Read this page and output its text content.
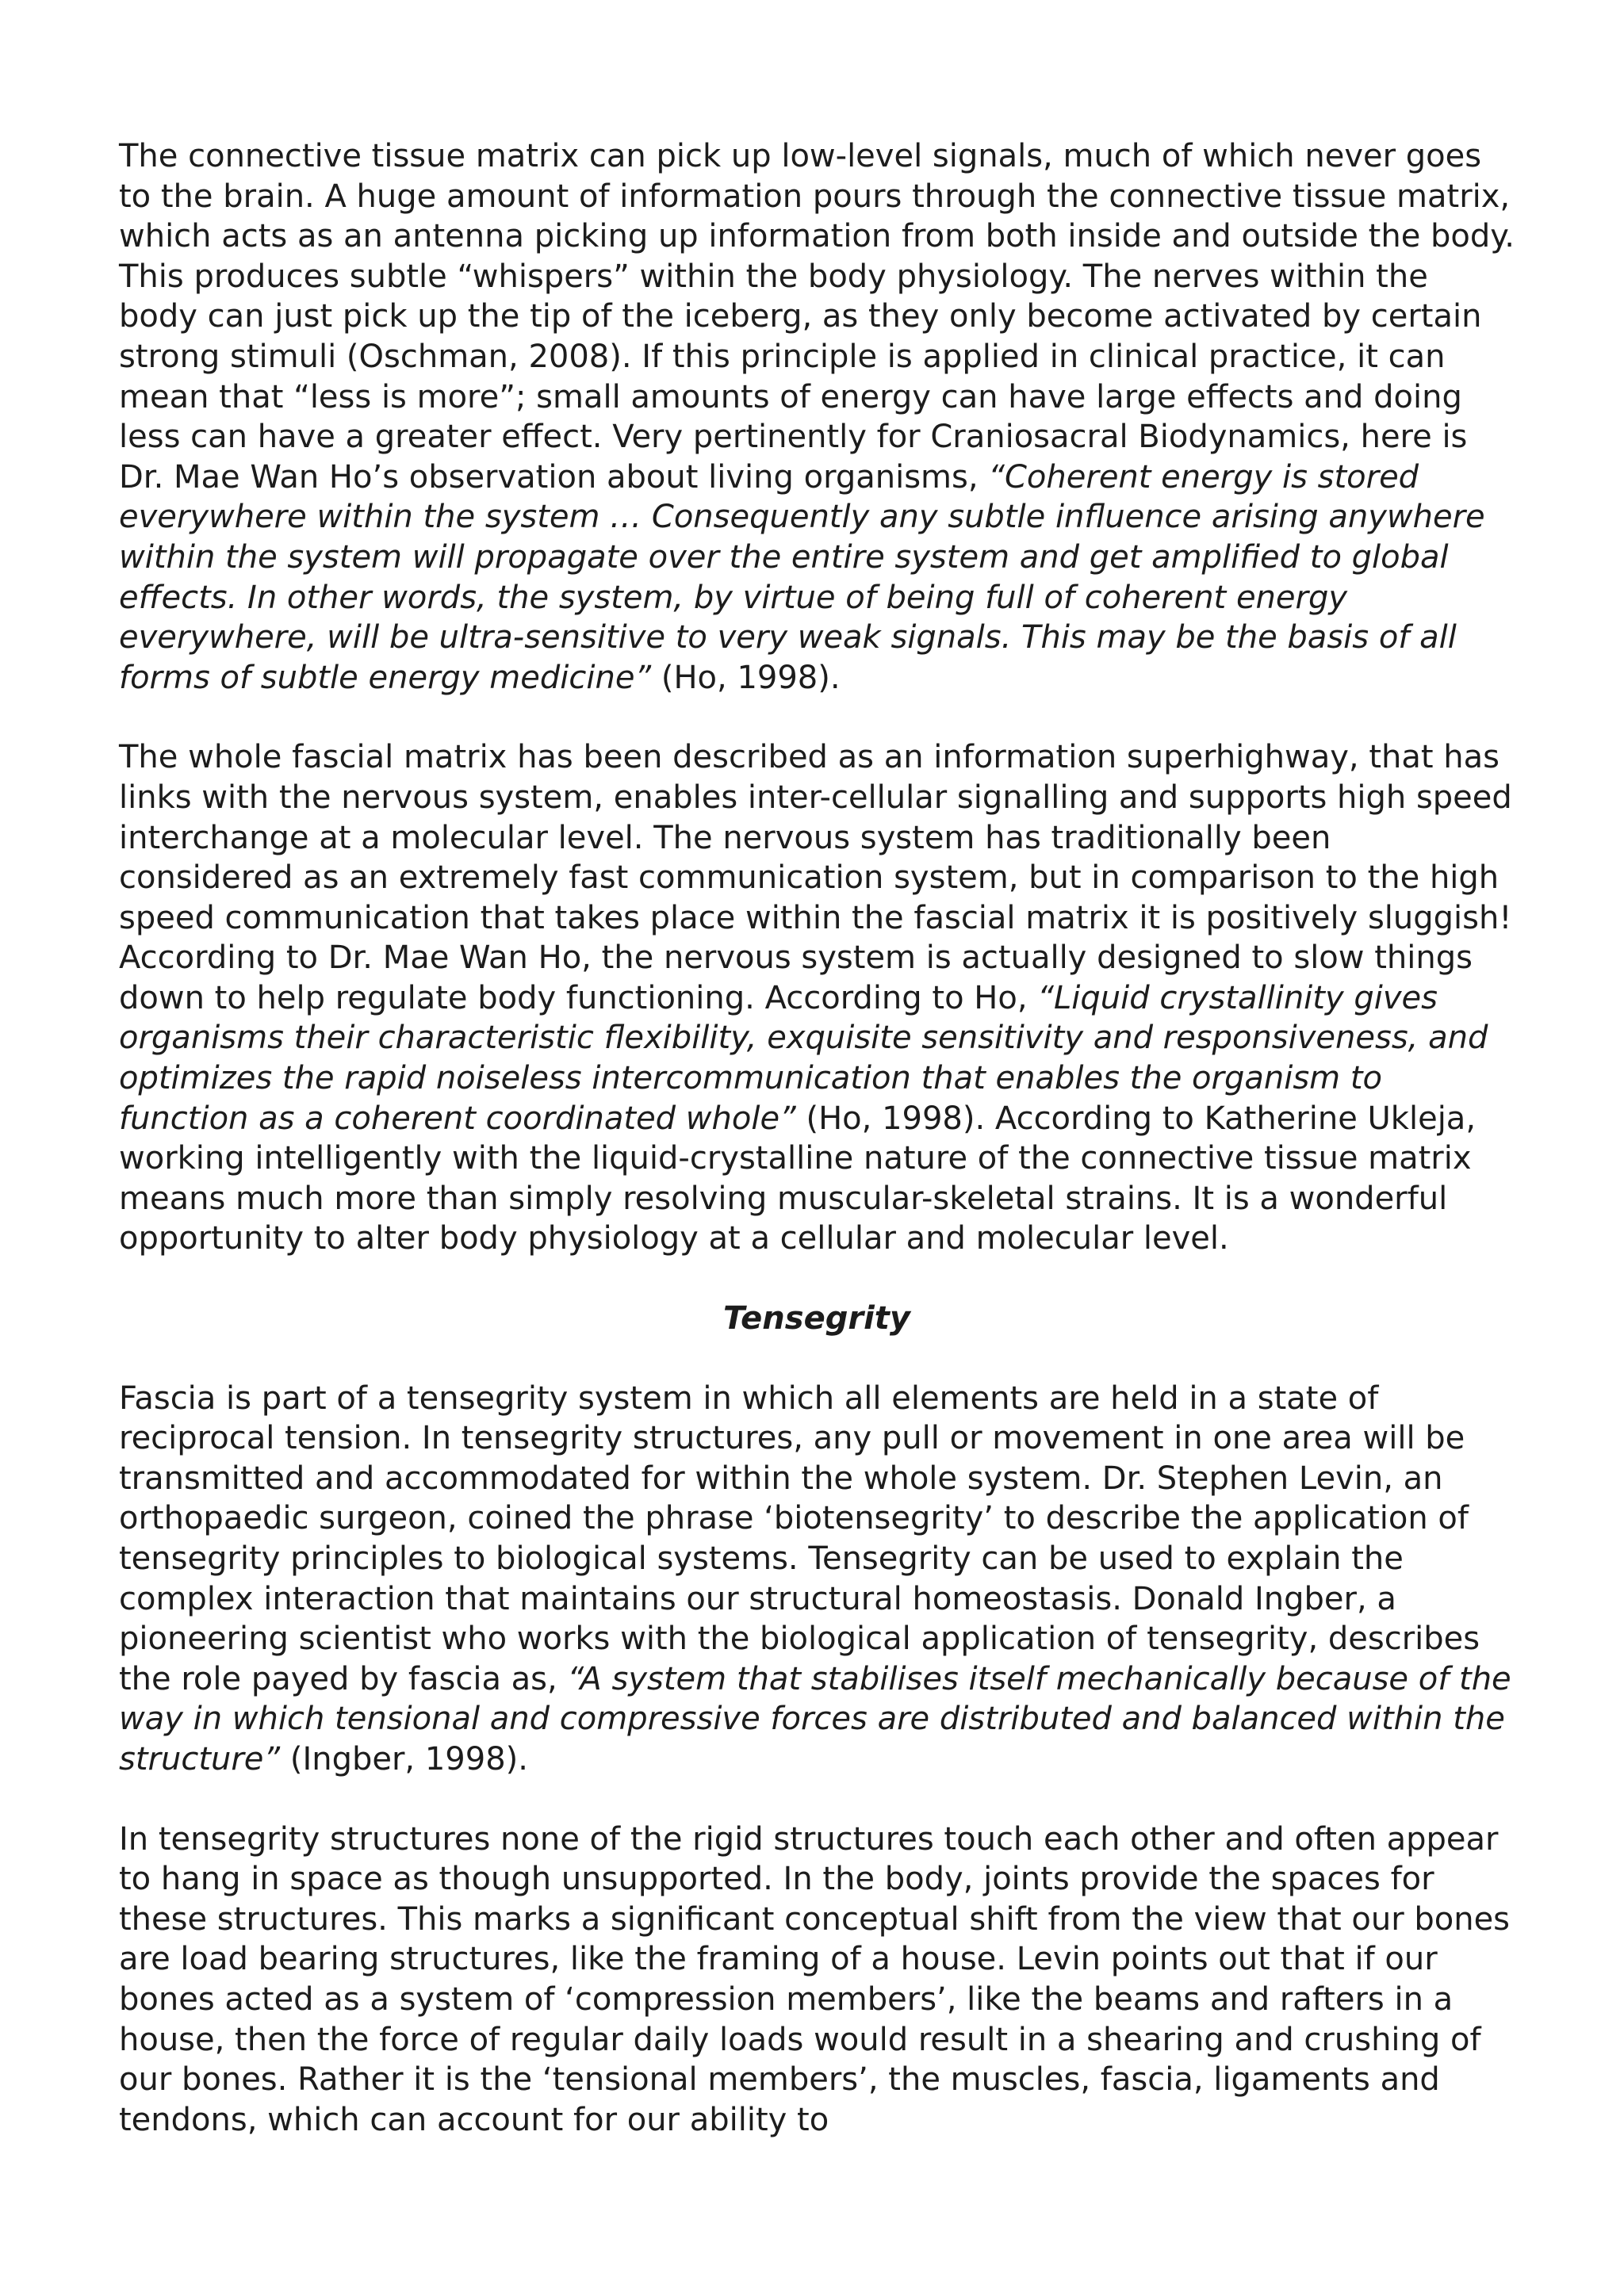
The connective tissue matrix can pick up low-level signals, much of which never goes to the brain. A huge amount of information pours through the connective tissue matrix, which acts as an antenna picking up information from both inside and outside the body. This produces subtle “whispers” within the body physiology. The nerves within the body can just pick up the tip of the iceberg, as they only become activated by certain strong stimuli (Oschman, 2008). If this principle is applied in clinical practice, it can mean that “less is more”; small amounts of energy can have large effects and doing less can have a greater effect. Very pertinently for Craniosacral Biodynamics, here is Dr. Mae Wan Ho’s observation about living organisms, “Coherent energy is stored everywhere within the system … Consequently any subtle influence arising anywhere within the system will propagate over the entire system and get amplified to global effects. In other words, the system, by virtue of being full of coherent energy everywhere, will be ultra-sensitive to very weak signals. This may be the basis of all forms of subtle energy medicine” (Ho, 1998).

The whole fascial matrix has been described as an information superhighway, that has links with the nervous system, enables inter-cellular signalling and supports high speed interchange at a molecular level. The nervous system has traditionally been considered as an extremely fast communication system, but in comparison to the high speed communication that takes place within the fascial matrix it is positively sluggish! According to Dr. Mae Wan Ho, the nervous system is actually designed to slow things down to help regulate body functioning. According to Ho, “Liquid crystallinity gives organisms their characteristic flexibility, exquisite sensitivity and responsiveness, and optimizes the rapid noiseless intercommunication that enables the organism to function as a coherent coordinated whole” (Ho, 1998). According to Katherine Ukleja, working intelligently with the liquid-crystalline nature of the connective tissue matrix means much more than simply resolving muscular-skeletal strains. It is a wonderful opportunity to alter body physiology at a cellular and molecular level.

Tensegrity

Fascia is part of a tensegrity system in which all elements are held in a state of reciprocal tension. In tensegrity structures, any pull or movement in one area will be transmitted and accommodated for within the whole system. Dr. Stephen Levin, an orthopaedic surgeon, coined the phrase ‘biotensegrity’ to describe the application of tensegrity principles to biological systems. Tensegrity can be used to explain the complex interaction that maintains our structural homeostasis. Donald Ingber, a pioneering scientist who works with the biological application of tensegrity, describes the role payed by fascia as, “A system that stabilises itself mechanically because of the way in which tensional and compressive forces are distributed and balanced within the structure” (Ingber, 1998).

In tensegrity structures none of the rigid structures touch each other and often appear to hang in space as though unsupported. In the body, joints provide the spaces for these structures. This marks a significant conceptual shift from the view that our bones are load bearing structures, like the framing of a house. Levin points out that if our bones acted as a system of ‘compression members’, like the beams and rafters in a house, then the force of regular daily loads would result in a shearing and crushing of our bones. Rather it is the ‘tensional members’, the muscles, fascia, ligaments and tendons, which can account for our ability to
